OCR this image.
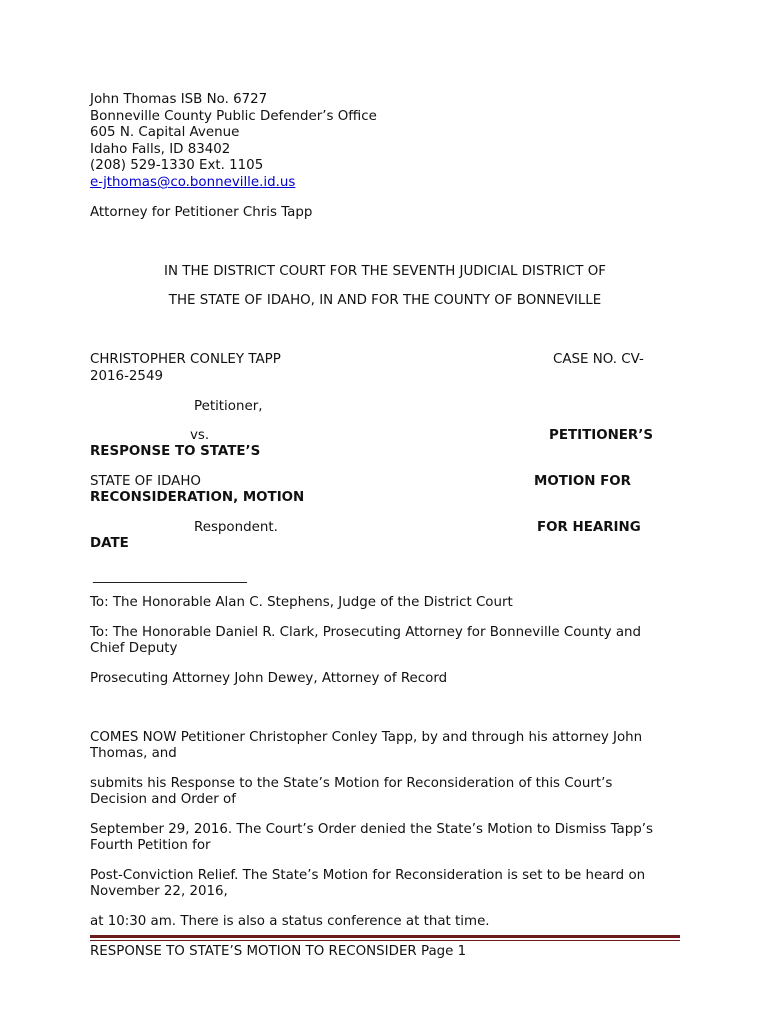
John Thomas ISB No. 6727
Bonneville County Public Defender’s Office
605 N. Capital Avenue
Idaho Falls, ID 83402
(208) 529-1330 Ext. 1105
e-jthomas@co.bonneville.id.us
Attorney for Petitioner Chris Tapp
IN THE DISTRICT COURT FOR THE SEVENTH JUDICIAL DISTRICT OF
THE STATE OF IDAHO, IN AND FOR THE COUNTY OF BONNEVILLE
CHRISTOPHER CONLEY TAPP	CASE NO. CV-
2016-2549
Petitioner,
vs.	PETITIONER’S
RESPONSE TO STATE’S
STATE OF IDAHO	MOTION FOR
RECONSIDERATION, MOTION
Respondent.	FOR HEARING
DATE
_______________________
To: The Honorable Alan C. Stephens, Judge of the District Court
To: The Honorable Daniel R. Clark, Prosecuting Attorney for Bonneville County and
Chief Deputy
Prosecuting Attorney John Dewey, Attorney of Record
COMES NOW Petitioner Christopher Conley Tapp, by and through his attorney John
Thomas, and
submits his Response to the State’s Motion for Reconsideration of this Court’s
Decision and Order of
September 29, 2016. The Court’s Order denied the State’s Motion to Dismiss Tapp’s
Fourth Petition for
Post-Conviction Relief. The State’s Motion for Reconsideration is set to be heard on
November 22, 2016,
at 10:30 am. There is also a status conference at that time.
RESPONSE TO STATE’S MOTION TO RECONSIDER Page 1
